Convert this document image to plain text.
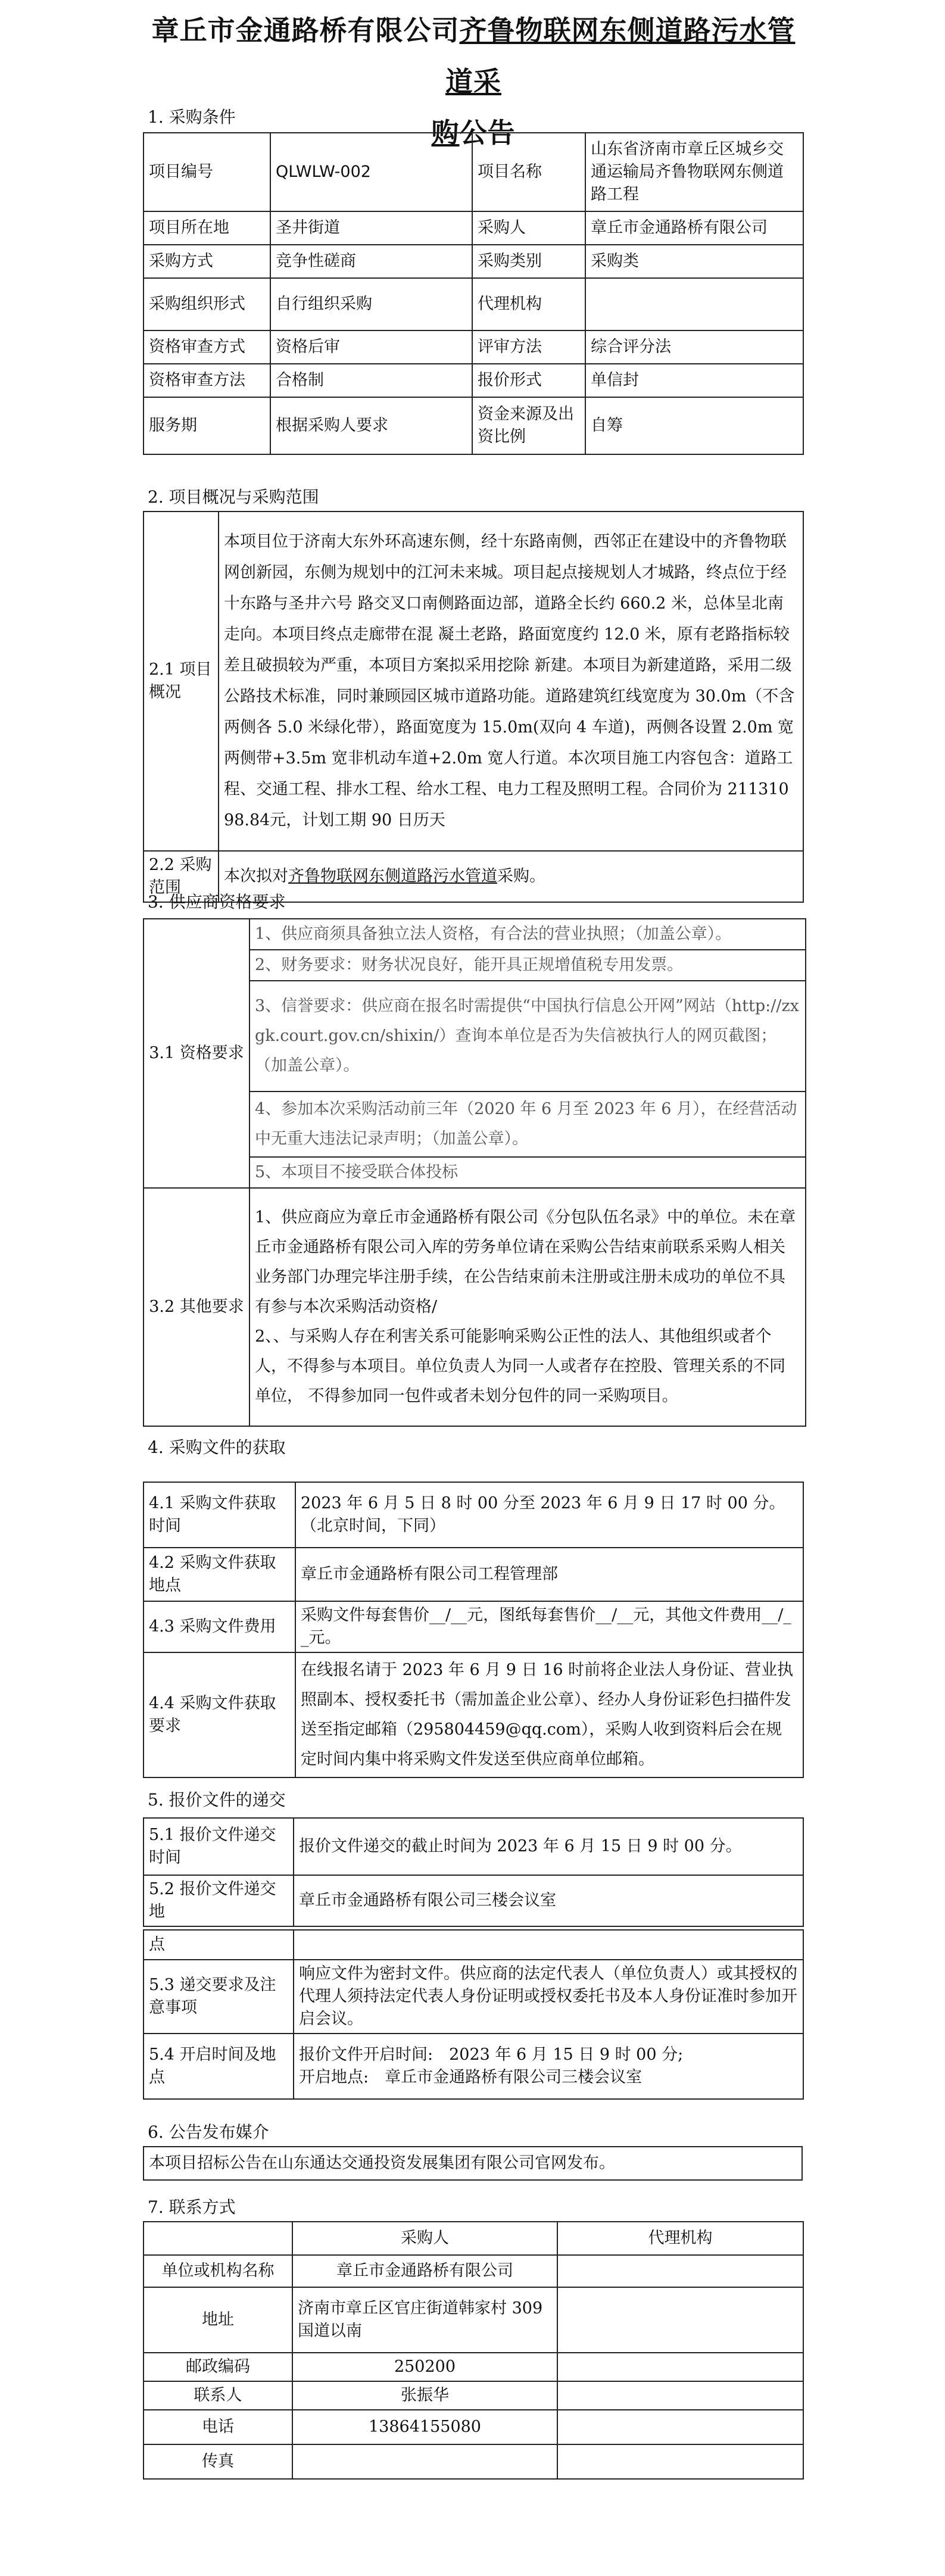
章丘市金通路桥有限公司齐鲁物联网东侧道路污水管道采
购公告
1. 采购条件
项目编号	QLWLW-002	项目名称	山东省济南市章丘区城乡交通运输局齐鲁物联网东侧道路工程
项目所在地	圣井街道	采购人	章丘市金通路桥有限公司
采购方式	竞争性磋商	采购类别	采购类
采购组织形式	自行组织采购	代理机构	
资格审查方式	资格后审	评审方法	综合评分法
资格审查方法	合格制	报价形式	单信封
服务期	根据采购人要求	资金来源及出资比例	自筹
2. 项目概况与采购范围
2.1 项目概况	本项目位于济南大东外环高速东侧，经十东路南侧，西邻正在建设中的齐鲁物联网创新园，东侧为规划中的江河未来城。项目起点接规划人才城路，终点位于经十东路与圣井六号 路交叉口南侧路面边部，道路全长约 660.2 米，总体呈北南走向。本项目终点走廊带在混 凝土老路，路面宽度约 12.0 米，原有老路指标较差且破损较为严重，本项目方案拟采用挖除 新建。本项目为新建道路，采用二级公路技术标准，同时兼顾园区城市道路功能。道路建筑红线宽度为 30.0m（不含两侧各 5.0 米绿化带），路面宽度为 15.0m(双向 4 车道)，两侧各设置 2.0m 宽两侧带+3.5m 宽非机动车道+2.0m 宽人行道。本次项目施工内容包含：道路工程、交通工程、排水工程、给水工程、电力工程及照明工程。合同价为 21131098.84元，计划工期 90 日历天
2.2 采购范围	本次拟对齐鲁物联网东侧道路污水管道采购。
3. 供应商资格要求
3.1 资格要求	1、供应商须具备独立法人资格，有合法的营业执照；（加盖公章）。
	2、财务要求：财务状况良好，能开具正规增值税专用发票。
	3、信誉要求：供应商在报名时需提供“中国执行信息公开网”网站（http://zxgk.court.gov.cn/shixin/）查询本单位是否为失信被执行人的网页截图；（加盖公章）。
	4、参加本次采购活动前三年（2020 年 6 月至 2023 年 6 月），在经营活动中无重大违法记录声明；（加盖公章）。
	5、本项目不接受联合体投标
3.2 其他要求	1、供应商应为章丘市金通路桥有限公司《分包队伍名录》中的单位。未在章丘市金通路桥有限公司入库的劳务单位请在采购公告结束前联系采购人相关业务部门办理完毕注册手续，在公告结束前未注册或注册未成功的单位不具有参与本次采购活动资格/
2、、与采购人存在利害关系可能影响采购公正性的法人、其他组织或者个人，不得参与本项目。单位负责人为同一人或者存在控股、管理关系的不同单位， 不得参加同一包件或者未划分包件的同一采购项目。
4. 采购文件的获取
4.1 采购文件获取时间	2023 年 6 月 5 日 8 时 00 分至 2023 年 6 月 9 日 17 时 00 分。（北京时间，下同）
4.2 采购文件获取地点	章丘市金通路桥有限公司工程管理部
4.3 采购文件费用	采购文件每套售价__/__元，图纸每套售价__/__元，其他文件费用__/__元。
4.4 采购文件获取要求	在线报名请于 2023 年 6 月 9 日 16 时前将企业法人身份证、营业执照副本、授权委托书（需加盖企业公章）、经办人身份证彩色扫描件发送至指定邮箱（295804459@qq.com），采购人收到资料后会在规定时间内集中将采购文件发送至供应商单位邮箱。
5. 报价文件的递交
5.1 报价文件递交时间	报价文件递交的截止时间为 2023 年 6 月 15 日 9 时 00 分。
5.2 报价文件递交地	章丘市金通路桥有限公司三楼会议室
点	
5.3 递交要求及注意事项	响应文件为密封文件。供应商的法定代表人（单位负责人）或其授权的代理人须持法定代表人身份证明或授权委托书及本人身份证准时参加开启会议。
5.4 开启时间及地点	报价文件开启时间:　2023 年 6 月 15 日 9 时 00 分;
开启地点:　章丘市金通路桥有限公司三楼会议室
6. 公告发布媒介
本项目招标公告在山东通达交通投资发展集团有限公司官网发布。
7. 联系方式
	采购人	代理机构
单位或机构名称	章丘市金通路桥有限公司	
地址	济南市章丘区官庄街道韩家村 309 国道以南	
邮政编码	250200	
联系人	张振华	
电话	13864155080	
传真		
